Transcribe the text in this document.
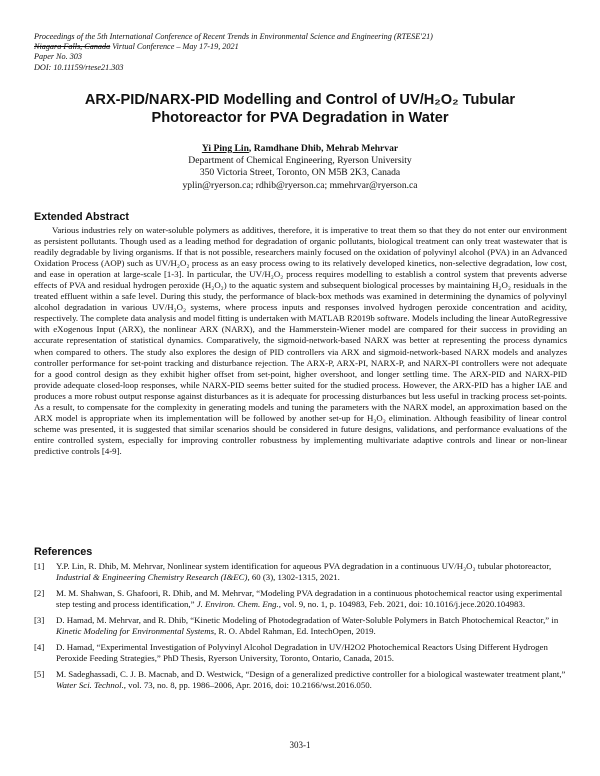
Proceedings of the 5th International Conference of Recent Trends in Environmental Science and Engineering (RTESE'21)
Niagara Falls, Canada Virtual Conference – May 17-19, 2021
Paper No. 303
DOI: 10.11159/rtese21.303
ARX-PID/NARX-PID Modelling and Control of UV/H₂O₂ Tubular
Photoreactor for PVA Degradation in Water
Yi Ping Lin, Ramdhane Dhib, Mehrab Mehrvar
Department of Chemical Engineering, Ryerson University
350 Victoria Street, Toronto, ON M5B 2K3, Canada
yplin@ryerson.ca; rdhib@ryerson.ca; mmehrvar@ryerson.ca
Extended Abstract

Various industries rely on water-soluble polymers as additives, therefore, it is imperative to treat them so that they do not enter our environment as persistent pollutants. Though used as a leading method for degradation of organic pollutants, biological treatment can only treat wastewater that is readily degradable by living organisms. If that is not possible, researchers mainly focused on the oxidation of polyvinyl alcohol (PVA) in an Advanced Oxidation Process (AOP) such as UV/H₂O₂ process as an easy process owing to its relatively developed kinetics, non-selective degradation, low cost, and ease in operation at large-scale [1-3]. In particular, the UV/H₂O₂ process requires modelling to establish a control system that prevents adverse effects of PVA and residual hydrogen peroxide (H₂O₂) to the aquatic system and subsequent biological processes by maintaining H₂O₂ residuals in the treated effluent within a safe level. During this study, the performance of black-box methods was examined in determining the dynamics of polyvinyl alcohol degradation in various UV/H₂O₂ systems, where process inputs and responses involved hydrogen peroxide concentration and acidity, respectively. The complete data analysis and model fitting is undertaken with MATLAB R2019b software. Models including the linear AutoRegressive with eXogenous Input (ARX), the nonlinear ARX (NARX), and the Hammerstein-Wiener model are compared for their success in providing an accurate representation of statistical dynamics. Comparatively, the sigmoid-network-based NARX was better at representing the process dynamics when compared to others. The study also explores the design of PID controllers via ARX and sigmoid-network-based NARX models and analyzes controller performance for set-point tracking and disturbance rejection. The ARX-P, ARX-PI, NARX-P, and NARX-PI controllers were not adequate for a good control design as they exhibit higher offset from set-point, higher overshoot, and longer settling time. The ARX-PID and NARX-PID provide adequate closed-loop responses, while NARX-PID seems better suited for the studied process. However, the ARX-PID has a higher IAE and produces a more robust output response against disturbances as it is adequate for processing disturbances but less useful in tracking process set-points. As a result, to compensate for the complexity in generating models and tuning the parameters with the NARX model, an approximation based on the ARX model is appropriate when its implementation will be followed by another set-up for H₂O₂ elimination. Although feasibility of linear control scheme was presented, it is suggested that similar scenarios should be considered in future designs, validations, and performance evaluations of the entire controlled system, especially for improving controller robustness by implementing multivariate adaptive controls and linear or non-linear predictive controls [4-9].

References
[1]	Y.P. Lin, R. Dhib, M. Mehrvar, Nonlinear system identification for aqueous PVA degradation in a continuous UV/H₂O₂ tubular photoreactor, Industrial & Engineering Chemistry Research (I&EC), 60 (3), 1302-1315, 2021.
[2]	M. M. Shahwan, S. Ghafoori, R. Dhib, and M. Mehrvar, “Modeling PVA degradation in a continuous photochemical reactor using experimental step testing and process identification,” J. Environ. Chem. Eng., vol. 9, no. 1, p. 104983, Feb. 2021, doi: 10.1016/j.jece.2020.104983.
[3]	D. Hamad, M. Mehrvar, and R. Dhib, “Kinetic Modeling of Photodegradation of Water-Soluble Polymers in Batch Photochemical Reactor,” in Kinetic Modeling for Environmental Systems, R. O. Abdel Rahman, Ed. IntechOpen, 2019.
[4]	D. Hamad, “Experimental Investigation of Polyvinyl Alcohol Degradation in UV/H2O2 Photochemical Reactors Using Different Hydrogen Peroxide Feeding Strategies,” PhD Thesis, Ryerson University, Toronto, Ontario, Canada, 2015.
[5]	M. Sadeghassadi, C. J. B. Macnab, and D. Westwick, “Design of a generalized predictive controller for a biological wastewater treatment plant,” Water Sci. Technol., vol. 73, no. 8, pp. 1986–2006, Apr. 2016, doi: 10.2166/wst.2016.050.
303-1
